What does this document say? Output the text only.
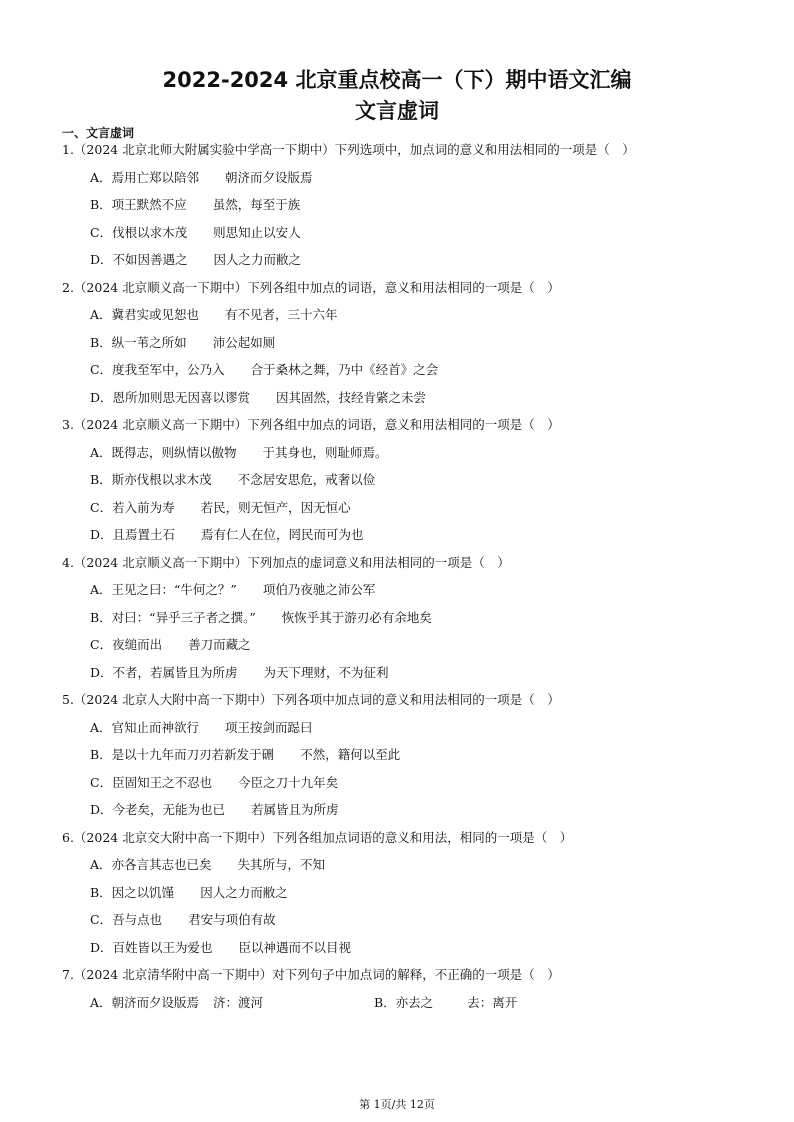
2022-2024 北京重点校高一（下）期中语文汇编
文言虚词
一、文言虚词
1.（2024 北京北师大附属实验中学高一下期中）下列选项中，加点词的意义和用法相同的一项是（　）
A．焉用亡郑以陪邻 朝济而夕设版焉
B．项王默然不应 虽然，每至于族
C．伐根以求木茂 则思知止以安人
D．不如因善遇之 因人之力而敝之
2.（2024 北京顺义高一下期中）下列各组中加点的词语，意义和用法相同的一项是（　）
A．冀君实或见恕也 有不见者，三十六年
B．纵一苇之所如 沛公起如厕
C．度我至军中，公乃入 合于桑林之舞，乃中《经首》之会
D．恩所加则思无因喜以谬赏 因其固然，技经肯綮之未尝
3.（2024 北京顺义高一下期中）下列各组中加点的词语，意义和用法相同的一项是（　）
A．既得志，则纵情以傲物 于其身也，则耻师焉。
B．斯亦伐根以求木茂 不念居安思危，戒奢以俭
C．若入前为寿 若民，则无恒产，因无恒心
D．且焉置土石 焉有仁人在位，罔民而可为也
4.（2024 北京顺义高一下期中）下列加点的虚词意义和用法相同的一项是（　）
A．王见之曰：“牛何之？” 项伯乃夜驰之沛公军
B．对曰：“异乎三子者之撰。” 恢恢乎其于游刃必有余地矣
C．夜缒而出 善刀而藏之
D．不者，若属皆且为所虏 为天下理财，不为征利
5.（2024 北京人大附中高一下期中）下列各项中加点词的意义和用法相同的一项是（　）
A．官知止而神欲行 项王按剑而跽曰
B．是以十九年而刀刃若新发于硎 不然，籍何以至此
C．臣固知王之不忍也 今臣之刀十九年矣
D．今老矣，无能为也已 若属皆且为所虏
6.（2024 北京交大附中高一下期中）下列各组加点词语的意义和用法，相同的一项是（　）
A．亦各言其志也已矣 失其所与，不知
B．因之以饥馑 因人之力而敝之
C．吾与点也 君安与项伯有故
D．百姓皆以王为爱也 臣以神遇而不以目视
7.（2024 北京清华附中高一下期中）对下列句子中加点词的解释，不正确的一项是（　）
A．朝济而夕设版焉 济：渡河	B．亦去之	去：离开
第 1页/共 12页
